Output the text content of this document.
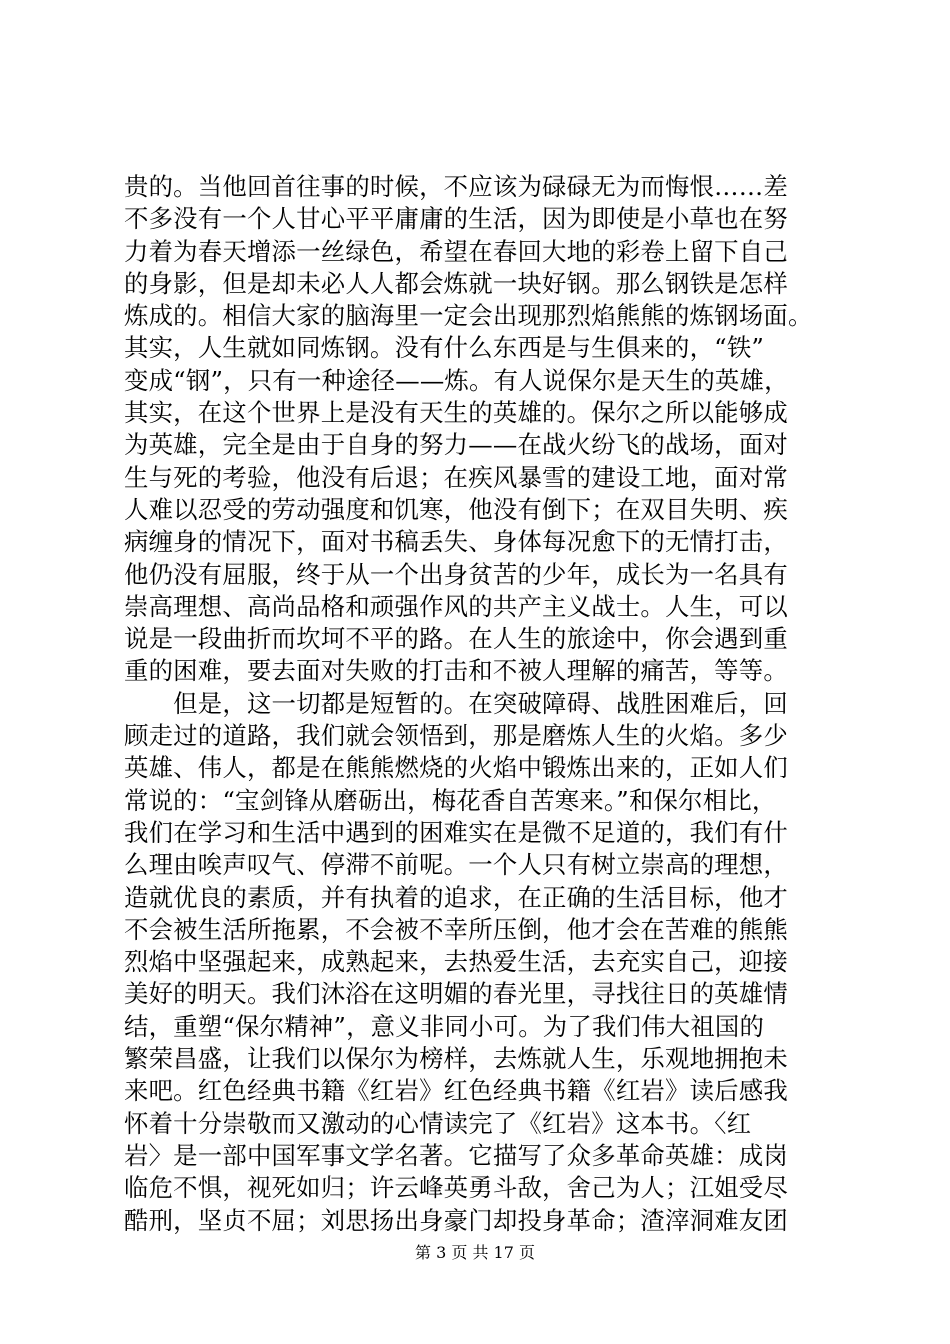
贵的。当他回首往事的时候，不应该为碌碌无为而悔恨……差
不多没有一个人甘心平平庸庸的生活，因为即使是小草也在努
力着为春天增添一丝绿色，希望在春回大地的彩卷上留下自己
的身影，但是却未必人人都会炼就一块好钢。那么钢铁是怎样
炼成的。相信大家的脑海里一定会出现那烈焰熊熊的炼钢场面。
其实，人生就如同炼钢。没有什么东西是与生俱来的，“铁”
变成“钢”，只有一种途径——炼。有人说保尔是天生的英雄，
其实，在这个世界上是没有天生的英雄的。保尔之所以能够成
为英雄，完全是由于自身的努力——在战火纷飞的战场，面对
生与死的考验，他没有后退；在疾风暴雪的建设工地，面对常
人难以忍受的劳动强度和饥寒，他没有倒下；在双目失明、疾
病缠身的情况下，面对书稿丢失、身体每况愈下的无情打击，
他仍没有屈服，终于从一个出身贫苦的少年，成长为一名具有
崇高理想、高尚品格和顽强作风的共产主义战士。人生，可以
说是一段曲折而坎坷不平的路。在人生的旅途中，你会遇到重
重的困难，要去面对失败的打击和不被人理解的痛苦，等等。
　　但是，这一切都是短暂的。在突破障碍、战胜困难后，回
顾走过的道路，我们就会领悟到，那是磨炼人生的火焰。多少
英雄、伟人，都是在熊熊燃烧的火焰中锻炼出来的，正如人们
常说的：“宝剑锋从磨砺出，梅花香自苦寒来。”和保尔相比，
我们在学习和生活中遇到的困难实在是微不足道的，我们有什
么理由唉声叹气、停滞不前呢。一个人只有树立崇高的理想，
造就优良的素质，并有执着的追求，在正确的生活目标，他才
不会被生活所拖累，不会被不幸所压倒，他才会在苦难的熊熊
烈焰中坚强起来，成熟起来，去热爱生活，去充实自己，迎接
美好的明天。我们沐浴在这明媚的春光里，寻找往日的英雄情
结，重塑“保尔精神”，意义非同小可。为了我们伟大祖国的
繁荣昌盛，让我们以保尔为榜样，去炼就人生，乐观地拥抱未
来吧。红色经典书籍《红岩》红色经典书籍《红岩》读后感我
怀着十分崇敬而又激动的心情读完了《红岩》这本书。〈红
岩〉是一部中国军事文学名著。它描写了众多革命英雄：成岗
临危不惧，视死如归；许云峰英勇斗敌，舍己为人；江姐受尽
酷刑，坚贞不屈；刘思扬出身豪门却投身革命；渣滓洞难友团
第 3 页 共 17 页
